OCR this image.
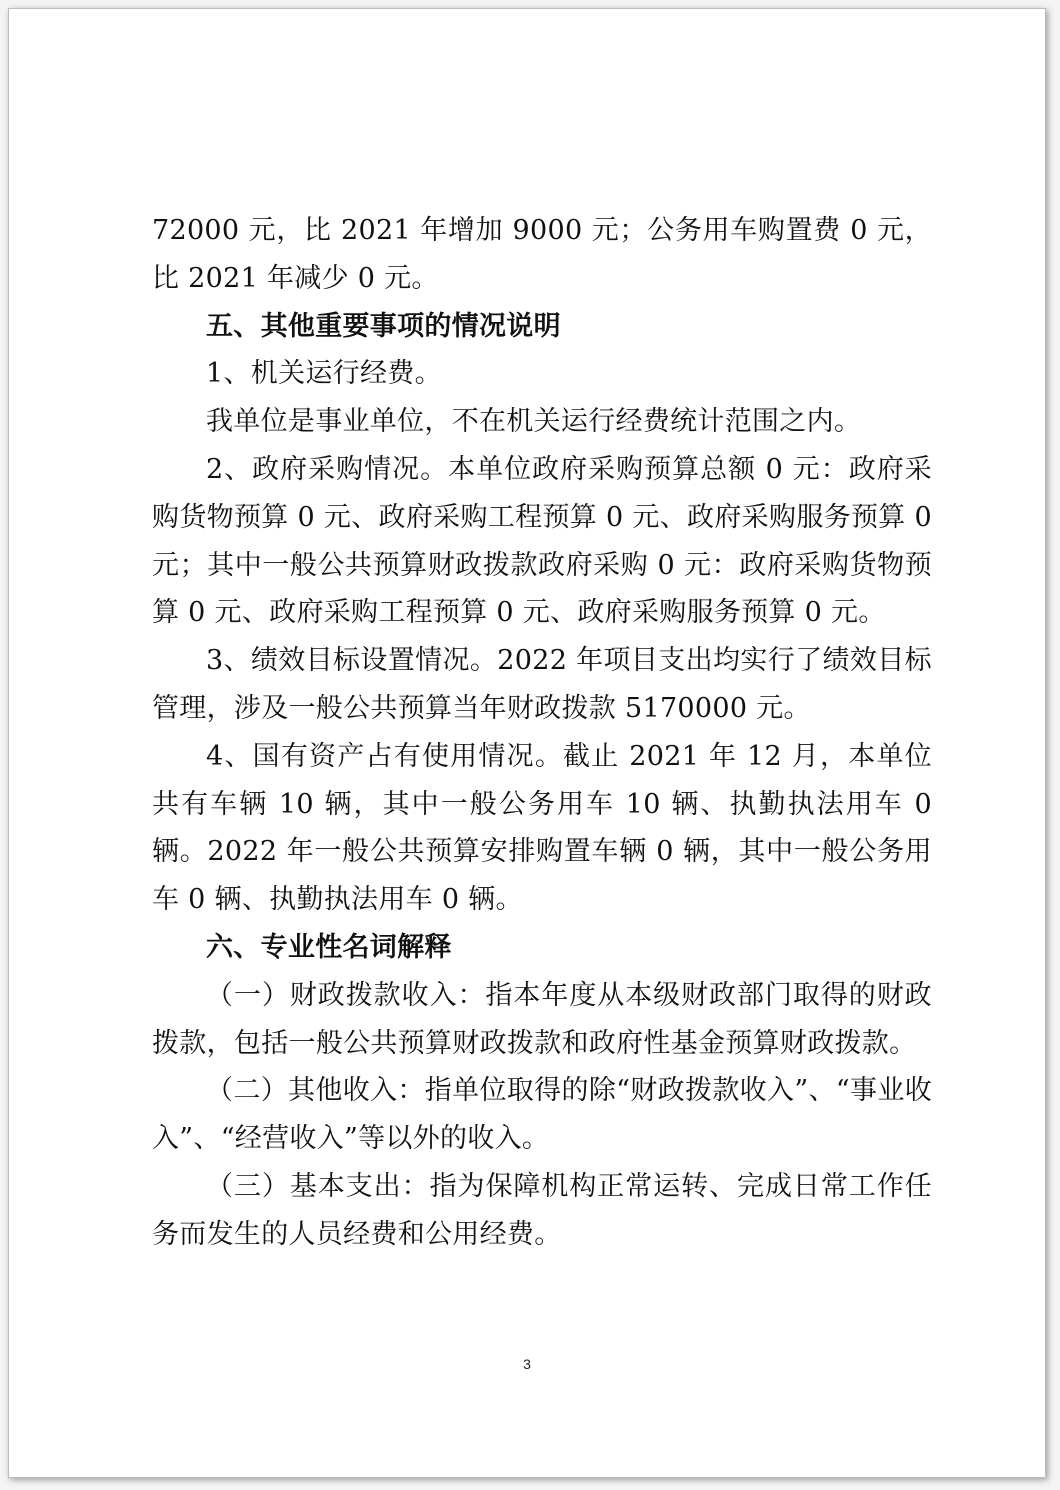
72000 元，比 2021 年增加 9000 元；公务用车购置费 0 元，比 2021 年减少 0 元。

五、其他重要事项的情况说明

1、机关运行经费。

我单位是事业单位，不在机关运行经费统计范围之内。

2、政府采购情况。本单位政府采购预算总额 0 元：政府采购货物预算 0 元、政府采购工程预算 0 元、政府采购服务预算 0 元；其中一般公共预算财政拨款政府采购 0 元：政府采购货物预算 0 元、政府采购工程预算 0 元、政府采购服务预算 0 元。

3、绩效目标设置情况。2022 年项目支出均实行了绩效目标管理，涉及一般公共预算当年财政拨款 5170000 元。

4、国有资产占有使用情况。截止 2021 年 12 月，本单位共有车辆 10 辆，其中一般公务用车 10 辆、执勤执法用车 0 辆。2022 年一般公共预算安排购置车辆 0 辆，其中一般公务用车 0 辆、执勤执法用车 0 辆。

六、专业性名词解释

（一）财政拨款收入：指本年度从本级财政部门取得的财政拨款，包括一般公共预算财政拨款和政府性基金预算财政拨款。

（二）其他收入：指单位取得的除“财政拨款收入”、“事业收入”、“经营收入”等以外的收入。

（三）基本支出：指为保障机构正常运转、完成日常工作任务而发生的人员经费和公用经费。

3
